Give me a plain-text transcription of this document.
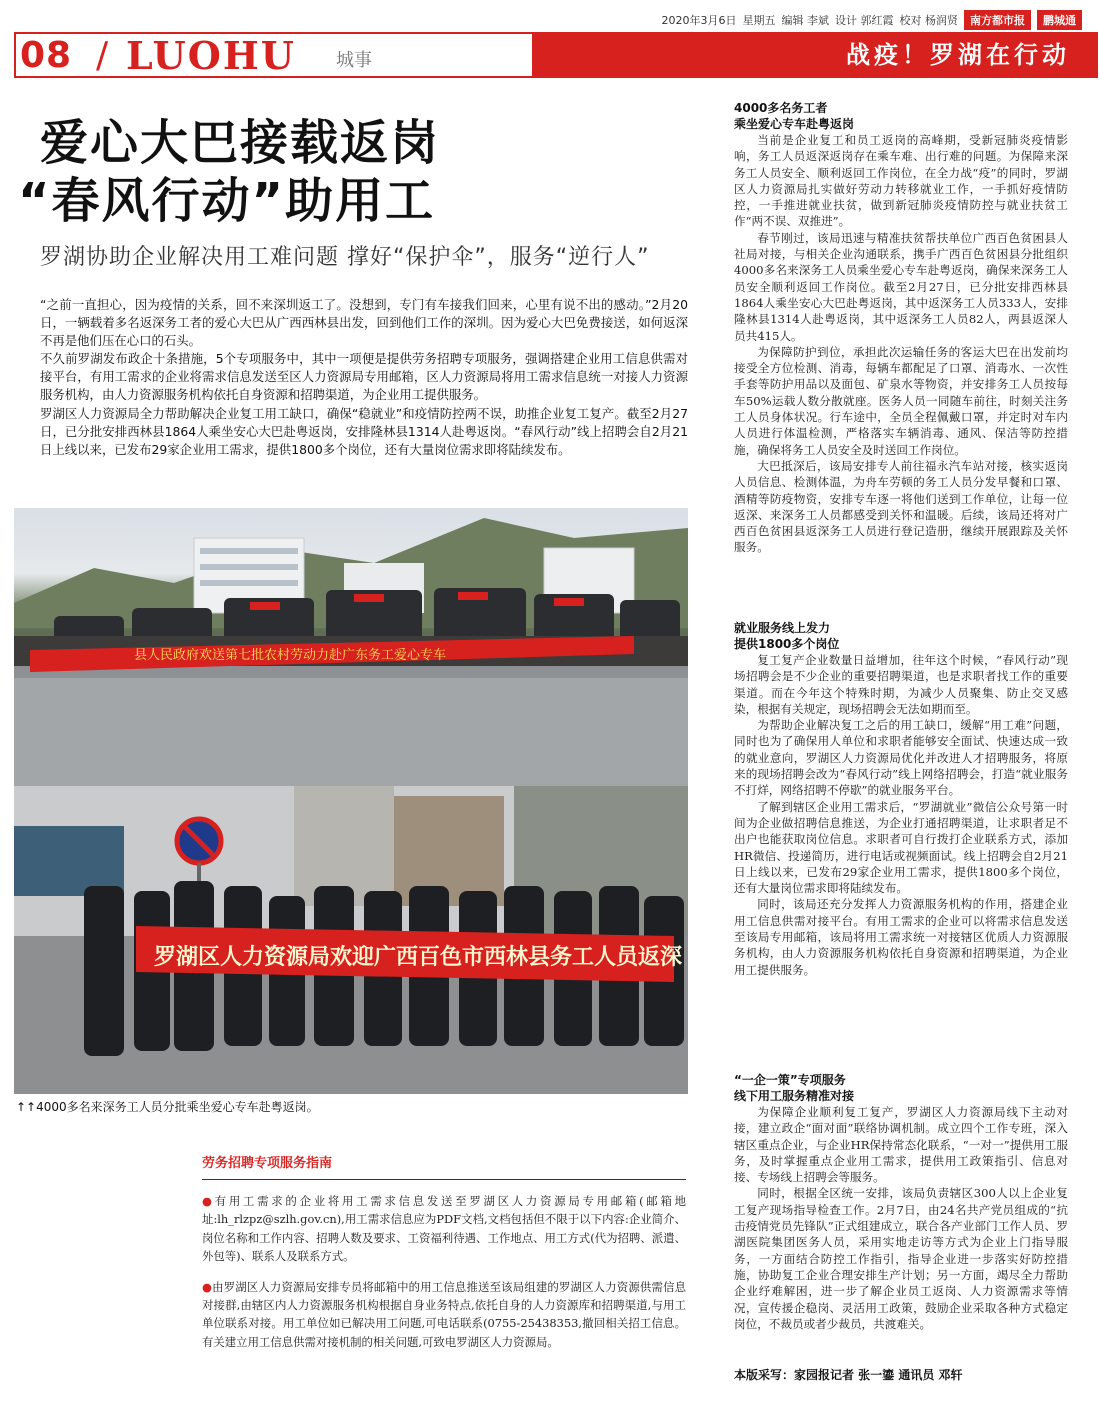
2020年3月6日 星期五 编辑 李斌 设计 郭红霞 校对 杨润贤	南方都市报	鹏城通
08 / LUOHU 城事	战疫！罗湖在行动
爱心大巴接载返岗
“春风行动”助用工
罗湖协助企业解决用工难问题 撑好“保护伞”，服务“逆行人”

“之前一直担心，因为疫情的关系，回不来深圳返工了。没想到，专门有车接我们回来，心里有说不出的感动。”2月20日，一辆载着多名返深务工者的爱心大巴从广西西林县出发，回到他们工作的深圳。因为爱心大巴免费接送，如何返深不再是他们压在心口的石头。

不久前罗湖发布政企十条措施，5个专项服务中，其中一项便是提供劳务招聘专项服务，强调搭建企业用工信息供需对接平台，有用工需求的企业将需求信息发送至区人力资源局专用邮箱，区人力资源局将用工需求信息统一对接人力资源服务机构，由人力资源服务机构依托自身资源和招聘渠道，为企业用工提供服务。

罗湖区人力资源局全力帮助解决企业复工用工缺口，确保“稳就业”和疫情防控两不误，助推企业复工复产。截至2月27日，已分批安排西林县1864人乘坐安心大巴赴粤返岗，安排隆林县1314人赴粤返岗。“春风行动”线上招聘会自2月21日上线以来，已发布29家企业用工需求，提供1800多个岗位，还有大量岗位需求即将陆续发布。

县人民政府欢送第七批农村劳动力赴广东务工爱心专车
罗湖区人力资源局欢迎广西百色市西林县务工人员返深
↑↑4000多名来深务工人员分批乘坐爱心专车赴粤返岗。
劳务招聘专项服务指南

●有用工需求的企业将用工需求信息发送至罗湖区人力资源局专用邮箱(邮箱地址:lh_rlzpz@szlh.gov.cn),用工需求信息应为PDF文档,文档包括但不限于以下内容:企业简介、岗位名称和工作内容、招聘人数及要求、工资福利待遇、工作地点、用工方式(代为招聘、派遣、外包等)、联系人及联系方式。

●由罗湖区人力资源局安排专员将邮箱中的用工信息推送至该局组建的罗湖区人力资源供需信息对接群,由辖区内人力资源服务机构根据自身业务特点,依托自身的人力资源库和招聘渠道,与用工单位联系对接。用工单位如已解决用工问题,可电话联系(0755-25438353,撤回相关招工信息。有关建立用工信息供需对接机制的相关问题,可致电罗湖区人力资源局。

4000多名务工者
乘坐爱心专车赴粤返岗

当前是企业复工和员工返岗的高峰期，受新冠肺炎疫情影响，务工人员返深返岗存在乘车难、出行难的问题。为保障来深务工人员安全、顺利返回工作岗位，在全力战“疫”的同时，罗湖区人力资源局扎实做好劳动力转移就业工作，一手抓好疫情防控，一手推进就业扶贫，做到新冠肺炎疫情防控与就业扶贫工作“两不误、双推进”。

春节刚过，该局迅速与精准扶贫帮扶单位广西百色贫困县人社局对接，与相关企业沟通联系，携手广西百色贫困县分批组织4000多名来深务工人员乘坐爱心专车赴粤返岗，确保来深务工人员安全顺利返回工作岗位。截至2月27日，已分批安排西林县1864人乘坐安心大巴赴粤返岗，其中返深务工人员333人，安排隆林县1314人赴粤返岗，其中返深务工人员82人，两县返深人员共415人。

为保障防护到位，承担此次运输任务的客运大巴在出发前均接受全方位检测、消毒，每辆车都配足了口罩、消毒水、一次性手套等防护用品以及面包、矿泉水等物资，并安排务工人员按每车50%运载人数分散就座。医务人员一同随车前往，时刻关注务工人员身体状况。行车途中，全员全程佩戴口罩，并定时对车内人员进行体温检测，严格落实车辆消毒、通风、保洁等防控措施，确保将务工人员安全及时送回工作岗位。

大巴抵深后，该局安排专人前往福永汽车站对接，核实返岗人员信息、检测体温，为舟车劳顿的务工人员分发早餐和口罩、酒精等防疫物资，安排专车逐一将他们送到工作单位，让每一位返深、来深务工人员都感受到关怀和温暖。后续，该局还将对广西百色贫困县返深务工人员进行登记造册，继续开展跟踪及关怀服务。

就业服务线上发力
提供1800多个岗位

复工复产企业数量日益增加，往年这个时候，“春风行动”现场招聘会是不少企业的重要招聘渠道，也是求职者找工作的重要渠道。而在今年这个特殊时期，为减少人员聚集、防止交叉感染，根据有关规定，现场招聘会无法如期而至。

为帮助企业解决复工之后的用工缺口，缓解“用工难”问题，同时也为了确保用人单位和求职者能够安全面试、快速达成一致的就业意向，罗湖区人力资源局优化并改进人才招聘服务，将原来的现场招聘会改为“春风行动”线上网络招聘会，打造“就业服务不打烊，网络招聘不停歇”的就业服务平台。

了解到辖区企业用工需求后，“罗湖就业”微信公众号第一时间为企业做招聘信息推送，为企业打通招聘渠道，让求职者足不出户也能获取岗位信息。求职者可自行拨打企业联系方式，添加HR微信、投递简历，进行电话或视频面试。线上招聘会自2月21日上线以来，已发布29家企业用工需求，提供1800多个岗位，还有大量岗位需求即将陆续发布。

同时，该局还充分发挥人力资源服务机构的作用，搭建企业用工信息供需对接平台。有用工需求的企业可以将需求信息发送至该局专用邮箱，该局将用工需求统一对接辖区优质人力资源服务机构，由人力资源服务机构依托自身资源和招聘渠道，为企业用工提供服务。

“一企一策”专项服务
线下用工服务精准对接

为保障企业顺利复工复产，罗湖区人力资源局线下主动对接，建立政企“面对面”联络协调机制。成立四个工作专班，深入辖区重点企业，与企业HR保持常态化联系，“一对一”提供用工服务，及时掌握重点企业用工需求，提供用工政策指引、信息对接、专场线上招聘会等服务。

同时，根据全区统一安排，该局负责辖区300人以上企业复工复产现场指导检查工作。2月7日，由24名共产党员组成的“抗击疫情党员先锋队”正式组建成立，联合各产业部门工作人员、罗湖医院集团医务人员，采用实地走访等方式为企业上门指导服务，一方面结合防控工作指引，指导企业进一步落实好防控措施，协助复工企业合理安排生产计划；另一方面，竭尽全力帮助企业纾难解困，进一步了解企业员工返岗、人力资源需求等情况，宣传援企稳岗、灵活用工政策，鼓励企业采取各种方式稳定岗位，不裁员或者少裁员，共渡难关。

本版采写：家园报记者 张一鎏 通讯员 邓轩
